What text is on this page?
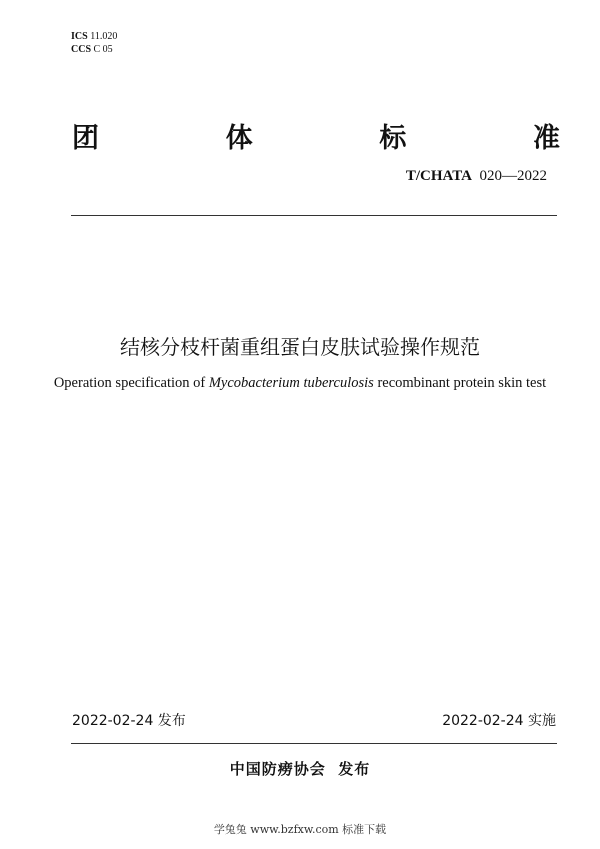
ICS 11.020
CCS C 05
团	体	标	准
T/CHATA 020—2022
结核分枝杆菌重组蛋白皮肤试验操作规范
Operation specification of Mycobacterium tuberculosis recombinant protein skin test
2022-02-24 发布	2022-02-24 实施
中国防痨协会  发布
学兔兔 www.bzfxw.com 标准下载
